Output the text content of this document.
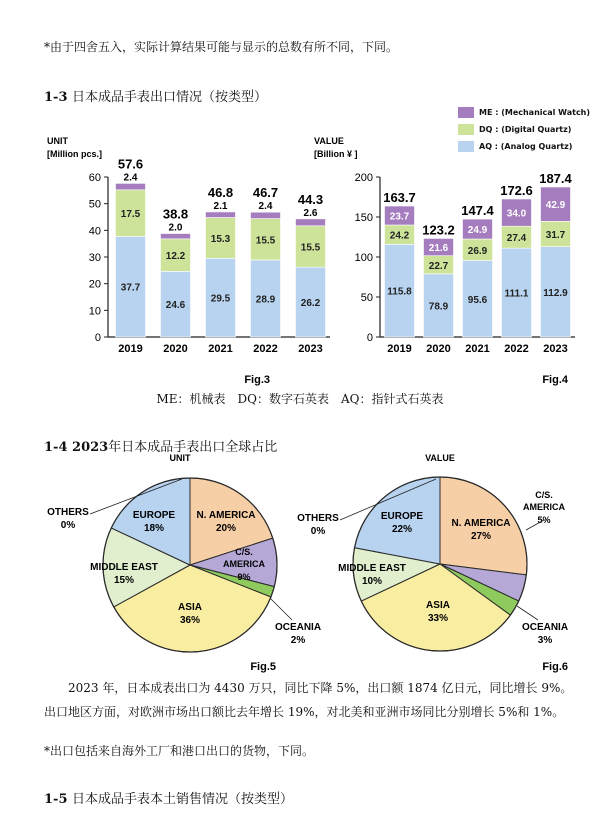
*由于四舍五入，实际计算结果可能与显示的总数有所不同，下同。
1-3 日本成品手表出口情况（按类型）
ME : (Mechanical Watch)
DQ : (Digital Quartz)
AQ : (Analog Quartz)
UNIT
[Million pcs.]
0
10
20
30
40
50
60
37.7
17.5
2.4
57.6
2019
24.6
12.2
2.0
38.8
2020
29.5
15.3
2.1
46.8
2021
28.9
15.5
2.4
46.7
2022
26.2
15.5
2.6
44.3
2023
Fig.3
VALUE
[Billion ¥ ]
0
50
100
150
200
115.8
24.2
23.7
163.7
2019
78.9
22.7
21.6
123.2
2020
95.6
26.9
24.9
147.4
2021
111.1
27.4
34.0
172.6
2022
112.9
31.7
42.9
187.4
2023
Fig.4
ME：机械表　DQ：数字石英表　AQ：指针式石英表
1-4 2023年日本成品手表出口全球占比
UNIT
EUROPE
18%
N. AMERICA
20%
C/S.
AMERICA
9%
ASIA
36%
MIDDLE EAST
15%
OTHERS
0%
OCEANIA
2%
Fig.5
VALUE
EUROPE
22%
N. AMERICA
27%
C/S.
AMERICA
5%
ASIA
33%
MIDDLE EAST
10%
OTHERS
0%
OCEANIA
3%
Fig.6
2023 年，日本成表出口为 4430 万只，同比下降 5%，出口额 1874 亿日元，同比增长 9%。
出口地区方面，对欧洲市场出口额比去年增长 19%，对北美和亚洲市场同比分别增长 5%和 1%。
*出口包括来自海外工厂和港口出口的货物，下同。
1-5 日本成品手表本土销售情况（按类型）
